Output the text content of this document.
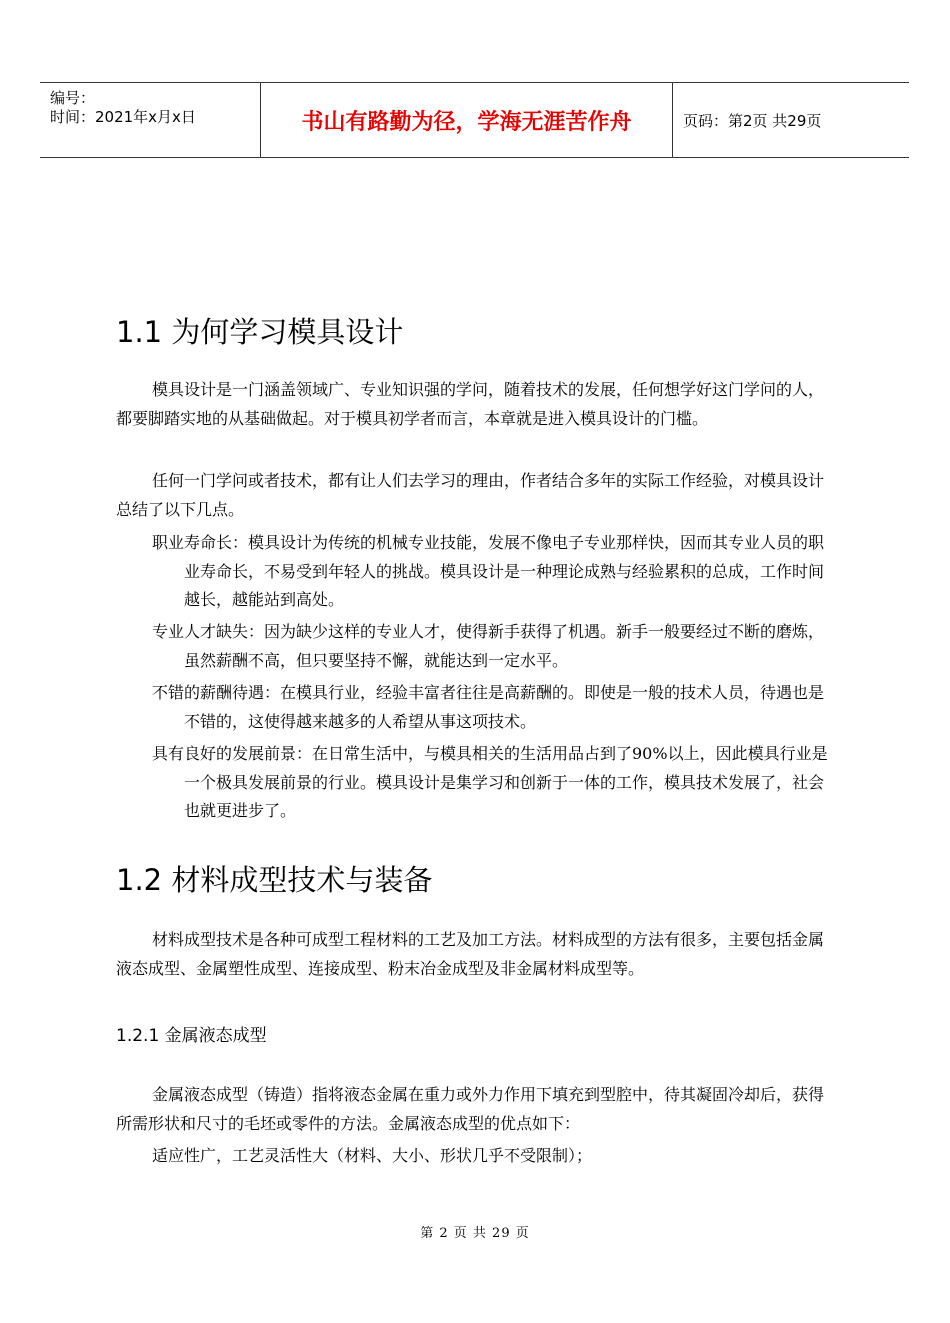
编号：
时间：2021年x月x日	书山有路勤为径，学海无涯苦作舟	页码：第2页 共29页
1.1 为何学习模具设计

模具设计是一门涵盖领域广、专业知识强的学问，随着技术的发展，任何想学好这门学问的人，都要脚踏实地的从基础做起。对于模具初学者而言，本章就是进入模具设计的门槛。

任何一门学问或者技术，都有让人们去学习的理由，作者结合多年的实际工作经验，对模具设计总结了以下几点。

职业寿命长：模具设计为传统的机械专业技能，发展不像电子专业那样快，因而其专业人员的职业寿命长，不易受到年轻人的挑战。模具设计是一种理论成熟与经验累积的总成，工作时间越长，越能站到高处。

专业人才缺失：因为缺少这样的专业人才，使得新手获得了机遇。新手一般要经过不断的磨炼，虽然薪酬不高，但只要坚持不懈，就能达到一定水平。

不错的薪酬待遇：在模具行业，经验丰富者往往是高薪酬的。即使是一般的技术人员，待遇也是不错的，这使得越来越多的人希望从事这项技术。

具有良好的发展前景：在日常生活中，与模具相关的生活用品占到了90%以上，因此模具行业是一个极具发展前景的行业。模具设计是集学习和创新于一体的工作，模具技术发展了，社会也就更进步了。

1.2 材料成型技术与装备

材料成型技术是各种可成型工程材料的工艺及加工方法。材料成型的方法有很多，主要包括金属液态成型、金属塑性成型、连接成型、粉末冶金成型及非金属材料成型等。

1.2.1 金属液态成型

金属液态成型（铸造）指将液态金属在重力或外力作用下填充到型腔中，待其凝固冷却后，获得所需形状和尺寸的毛坯或零件的方法。金属液态成型的优点如下：

适应性广，工艺灵活性大（材料、大小、形状几乎不受限制）；

第 2 页 共 29 页
